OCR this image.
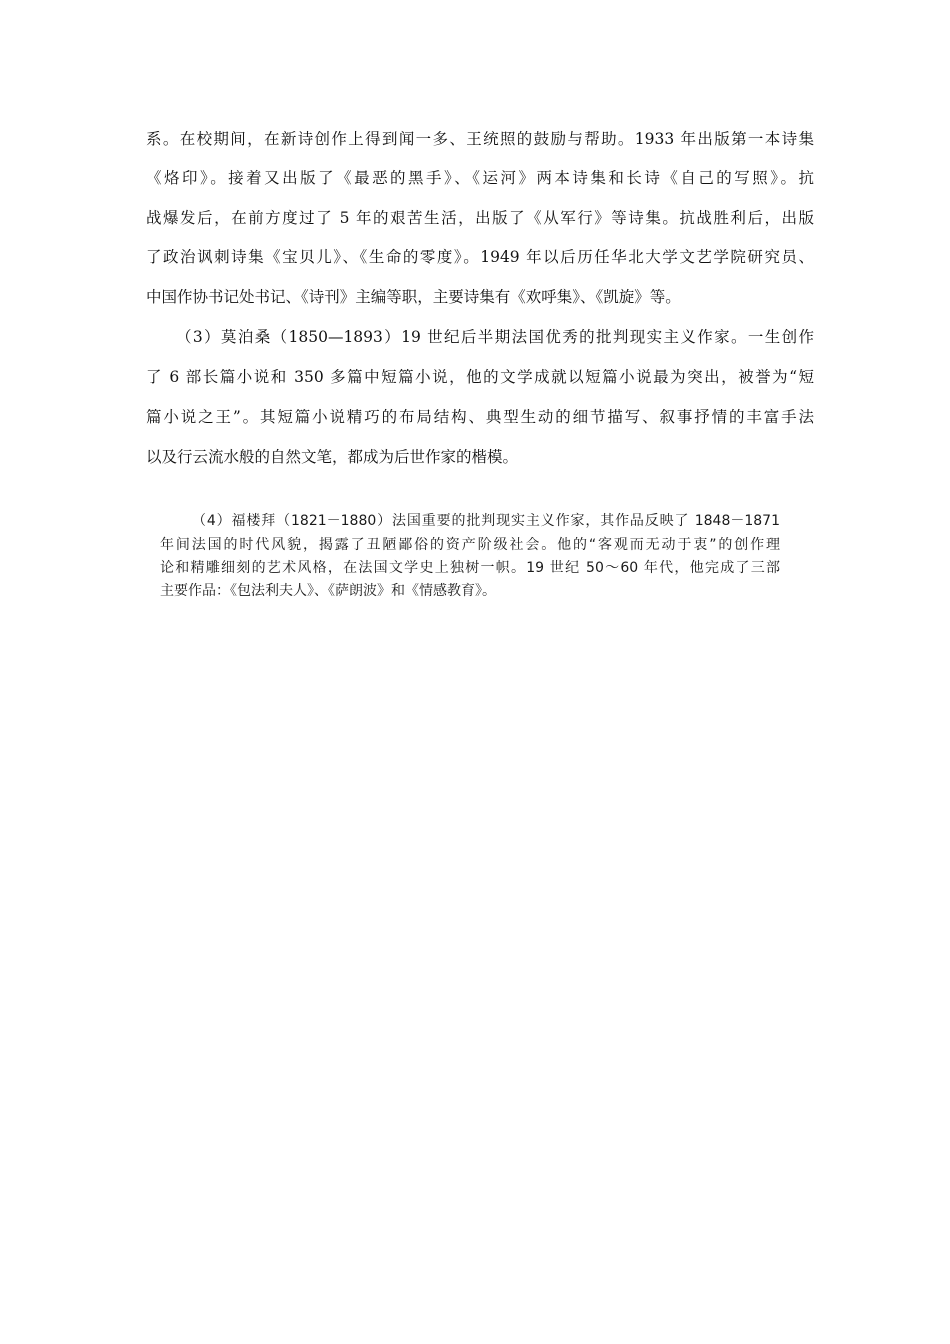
系。在校期间，在新诗创作上得到闻一多、王统照的鼓励与帮助。1933 年出版第一本诗集
《烙印》。接着又出版了《最恶的黑手》、《运河》两本诗集和长诗《自己的写照》。抗
战爆发后，在前方度过了 5 年的艰苦生活，出版了《从军行》等诗集。抗战胜利后，出版
了政治讽刺诗集《宝贝儿》、《生命的零度》。1949 年以后历任华北大学文艺学院研究员、
中国作协书记处书记、《诗刊》主编等职，主要诗集有《欢呼集》、《凯旋》等。
（3）莫泊桑（1850—1893）19 世纪后半期法国优秀的批判现实主义作家。一生创作
了 6 部长篇小说和 350 多篇中短篇小说，他的文学成就以短篇小说最为突出，被誉为“短
篇小说之王”。其短篇小说精巧的布局结构、典型生动的细节描写、叙事抒情的丰富手法
以及行云流水般的自然文笔，都成为后世作家的楷模。
（4）福楼拜（1821－1880）法国重要的批判现实主义作家，其作品反映了 1848－1871
年间法国的时代风貌，揭露了丑陋鄙俗的资产阶级社会。他的“客观而无动于衷”的创作理
论和精雕细刻的艺术风格，在法国文学史上独树一帜。19 世纪 50～60 年代，他完成了三部
主要作品：《包法利夫人》、《萨朗波》和《情感教育》。
